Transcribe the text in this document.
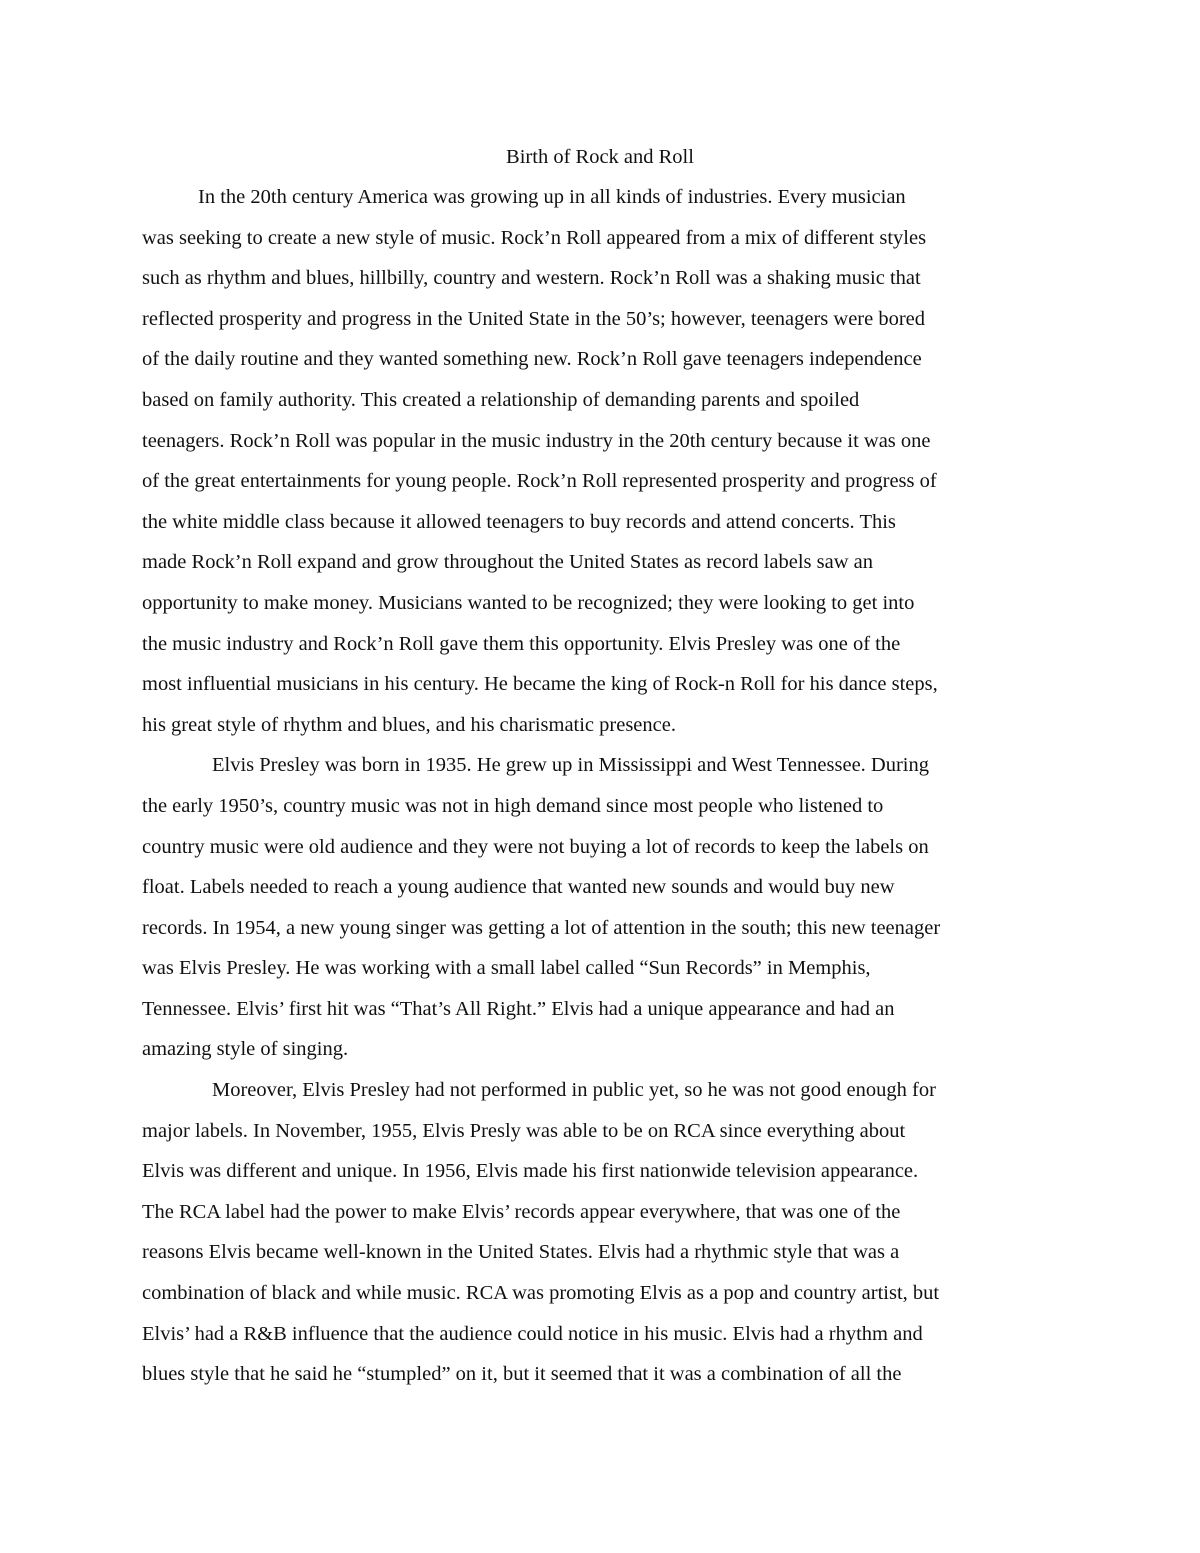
Birth of Rock and Roll
In the 20th century America was growing up in all kinds of industries. Every musician
was seeking to create a new style of music. Rock’n Roll appeared from a mix of different styles
such as rhythm and blues, hillbilly, country and western. Rock’n Roll was a shaking music that
reflected prosperity and progress in the United State in the 50’s; however, teenagers were bored
of the daily routine and they wanted something new. Rock’n Roll gave teenagers independence
based on family authority. This created a relationship of demanding parents and spoiled
teenagers. Rock’n Roll was popular in the music industry in the 20th century because it was one
of the great entertainments for young people. Rock’n Roll represented prosperity and progress of
the white middle class because it allowed teenagers to buy records and attend concerts. This
made Rock’n Roll expand and grow throughout the United States as record labels saw an
opportunity to make money. Musicians wanted to be recognized; they were looking to get into
the music industry and Rock’n Roll gave them this opportunity. Elvis Presley was one of the
most influential musicians in his century. He became the king of Rock-n Roll for his dance steps,
his great style of rhythm and blues, and his charismatic presence.
Elvis Presley was born in 1935. He grew up in Mississippi and West Tennessee. During
the early 1950’s, country music was not in high demand since most people who listened to
country music were old audience and they were not buying a lot of records to keep the labels on
float. Labels needed to reach a young audience that wanted new sounds and would buy new
records. In 1954, a new young singer was getting a lot of attention in the south; this new teenager
was Elvis Presley. He was working with a small label called “Sun Records” in Memphis,
Tennessee. Elvis’ first hit was “That’s All Right.” Elvis had a unique appearance and had an
amazing style of singing.
Moreover, Elvis Presley had not performed in public yet, so he was not good enough for
major labels. In November, 1955, Elvis Presly was able to be on RCA since everything about
Elvis was different and unique. In 1956, Elvis made his first nationwide television appearance.
The RCA label had the power to make Elvis’ records appear everywhere, that was one of the
reasons Elvis became well-known in the United States. Elvis had a rhythmic style that was a
combination of black and while music. RCA was promoting Elvis as a pop and country artist, but
Elvis’ had a R&B influence that the audience could notice in his music. Elvis had a rhythm and
blues style that he said he “stumpled” on it, but it seemed that it was a combination of all the
